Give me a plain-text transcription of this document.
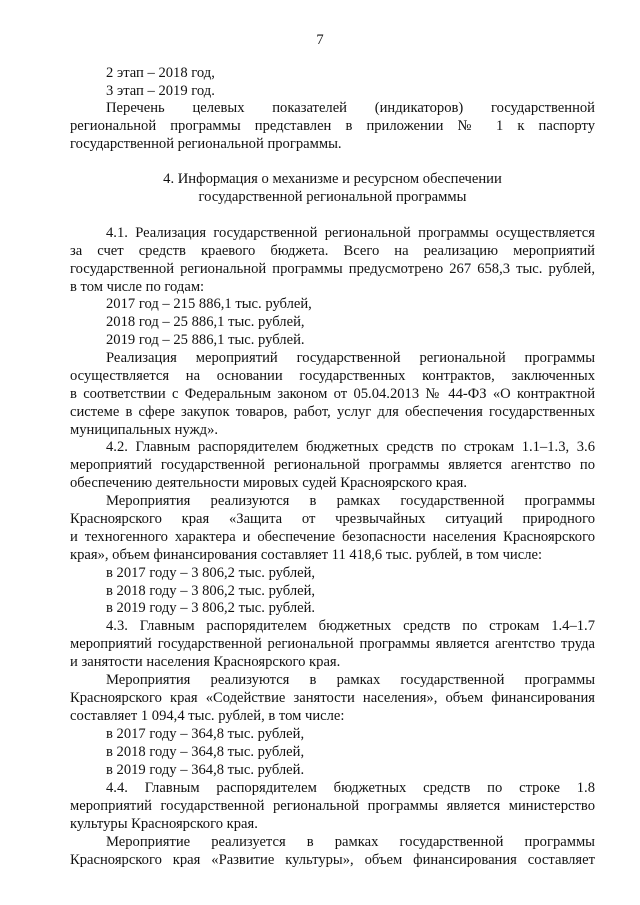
7
2 этап – 2018 год,
3 этап – 2019 год.
Перечень целевых показателей (индикаторов) государственной
региональной программы представлен в приложении № 1 к паспорту
государственной региональной программы.
4. Информация о механизме и ресурсном обеспечении
государственной региональной программы
4.1. Реализация государственной региональной программы осуществляется
за счет средств краевого бюджета. Всего на реализацию мероприятий
государственной региональной программы предусмотрено 267 658,3 тыс. рублей,
в том числе по годам:
2017 год – 215 886,1 тыс. рублей,
2018 год – 25 886,1 тыс. рублей,
2019 год – 25 886,1 тыс. рублей.
Реализация мероприятий государственной региональной программы
осуществляется на основании государственных контрактов, заключенных
в соответствии с Федеральным законом от 05.04.2013 № 44-ФЗ «О контрактной
системе в сфере закупок товаров, работ, услуг для обеспечения государственных
муниципальных нужд».
4.2. Главным распорядителем бюджетных средств по строкам 1.1–1.3, 3.6
мероприятий государственной региональной программы является агентство по
обеспечению деятельности мировых судей Красноярского края.
Мероприятия реализуются в рамках государственной программы
Красноярского края «Защита от чрезвычайных ситуаций природного
и техногенного характера и обеспечение безопасности населения Красноярского
края», объем финансирования составляет 11 418,6 тыс. рублей, в том числе:
в 2017 году – 3 806,2 тыс. рублей,
в 2018 году – 3 806,2 тыс. рублей,
в 2019 году – 3 806,2 тыс. рублей.
4.3. Главным распорядителем бюджетных средств по строкам 1.4–1.7
мероприятий государственной региональной программы является агентство труда
и занятости населения Красноярского края.
Мероприятия реализуются в рамках государственной программы
Красноярского края «Содействие занятости населения», объем финансирования
составляет 1 094,4 тыс. рублей, в том числе:
в 2017 году – 364,8 тыс. рублей,
в 2018 году – 364,8 тыс. рублей,
в 2019 году – 364,8 тыс. рублей.
4.4. Главным распорядителем бюджетных средств по строке 1.8
мероприятий государственной региональной программы является министерство
культуры Красноярского края.
Мероприятие реализуется в рамках государственной программы
Красноярского края «Развитие культуры», объем финансирования составляет
